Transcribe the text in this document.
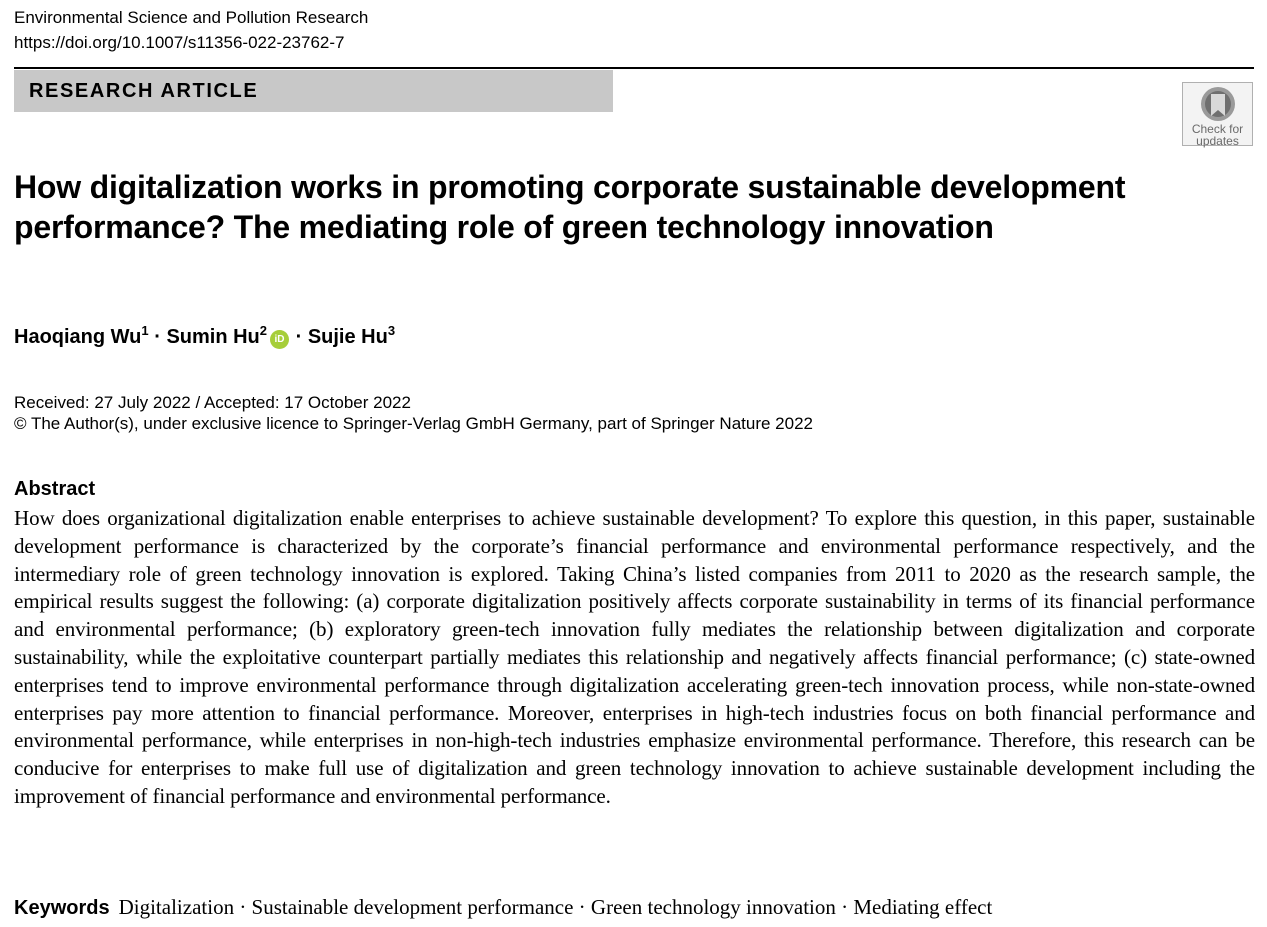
Environmental Science and Pollution Research
https://doi.org/10.1007/s11356-022-23762-7
RESEARCH ARTICLE
Check for updates
How digitalization works in promoting corporate sustainable development performance? The mediating role of green technology innovation
Haoqiang $Wu^1 \cdot Sumin$ $Hu^2iD$ · Sujie Hu$^3$
Received: 27 July 2022 / Accepted: 17 October 2022
© The Author(s), under exclusive licence to Springer-Verlag GmbH Germany, part of Springer Nature 2022
Abstract

How does organizational digitalization enable enterprises to achieve sustainable development? To explore this question, in this paper, sustainable development performance is characterized by the corporate’s financial performance and environmental performance respectively, and the intermediary role of green technology innovation is explored. Taking China’s listed companies from 2011 to 2020 as the research sample, the empirical results suggest the following: (a) corporate digitalization positively affects corporate sustainability in terms of its financial performance and environmental performance; (b) exploratory green-tech innovation fully mediates the relationship between digitalization and corporate sustainability, while the exploitative counterpart partially mediates this relationship and negatively affects financial performance; (c) state-owned enterprises tend to improve environmental performance through digitalization accelerating green-tech innovation process, while non-state-owned enterprises pay more attention to financial performance. Moreover, enterprises in high-tech industries focus on both financial performance and environmental performance, while enterprises in non-high-tech industries emphasize environmental performance. Therefore, this research can be conducive for enterprises to make full use of digitalization and green technology innovation to achieve sustainable development including the improvement of financial performance and environmental performance.

Keywords Digitalization · Sustainable development performance · Green technology innovation · Mediating effect
